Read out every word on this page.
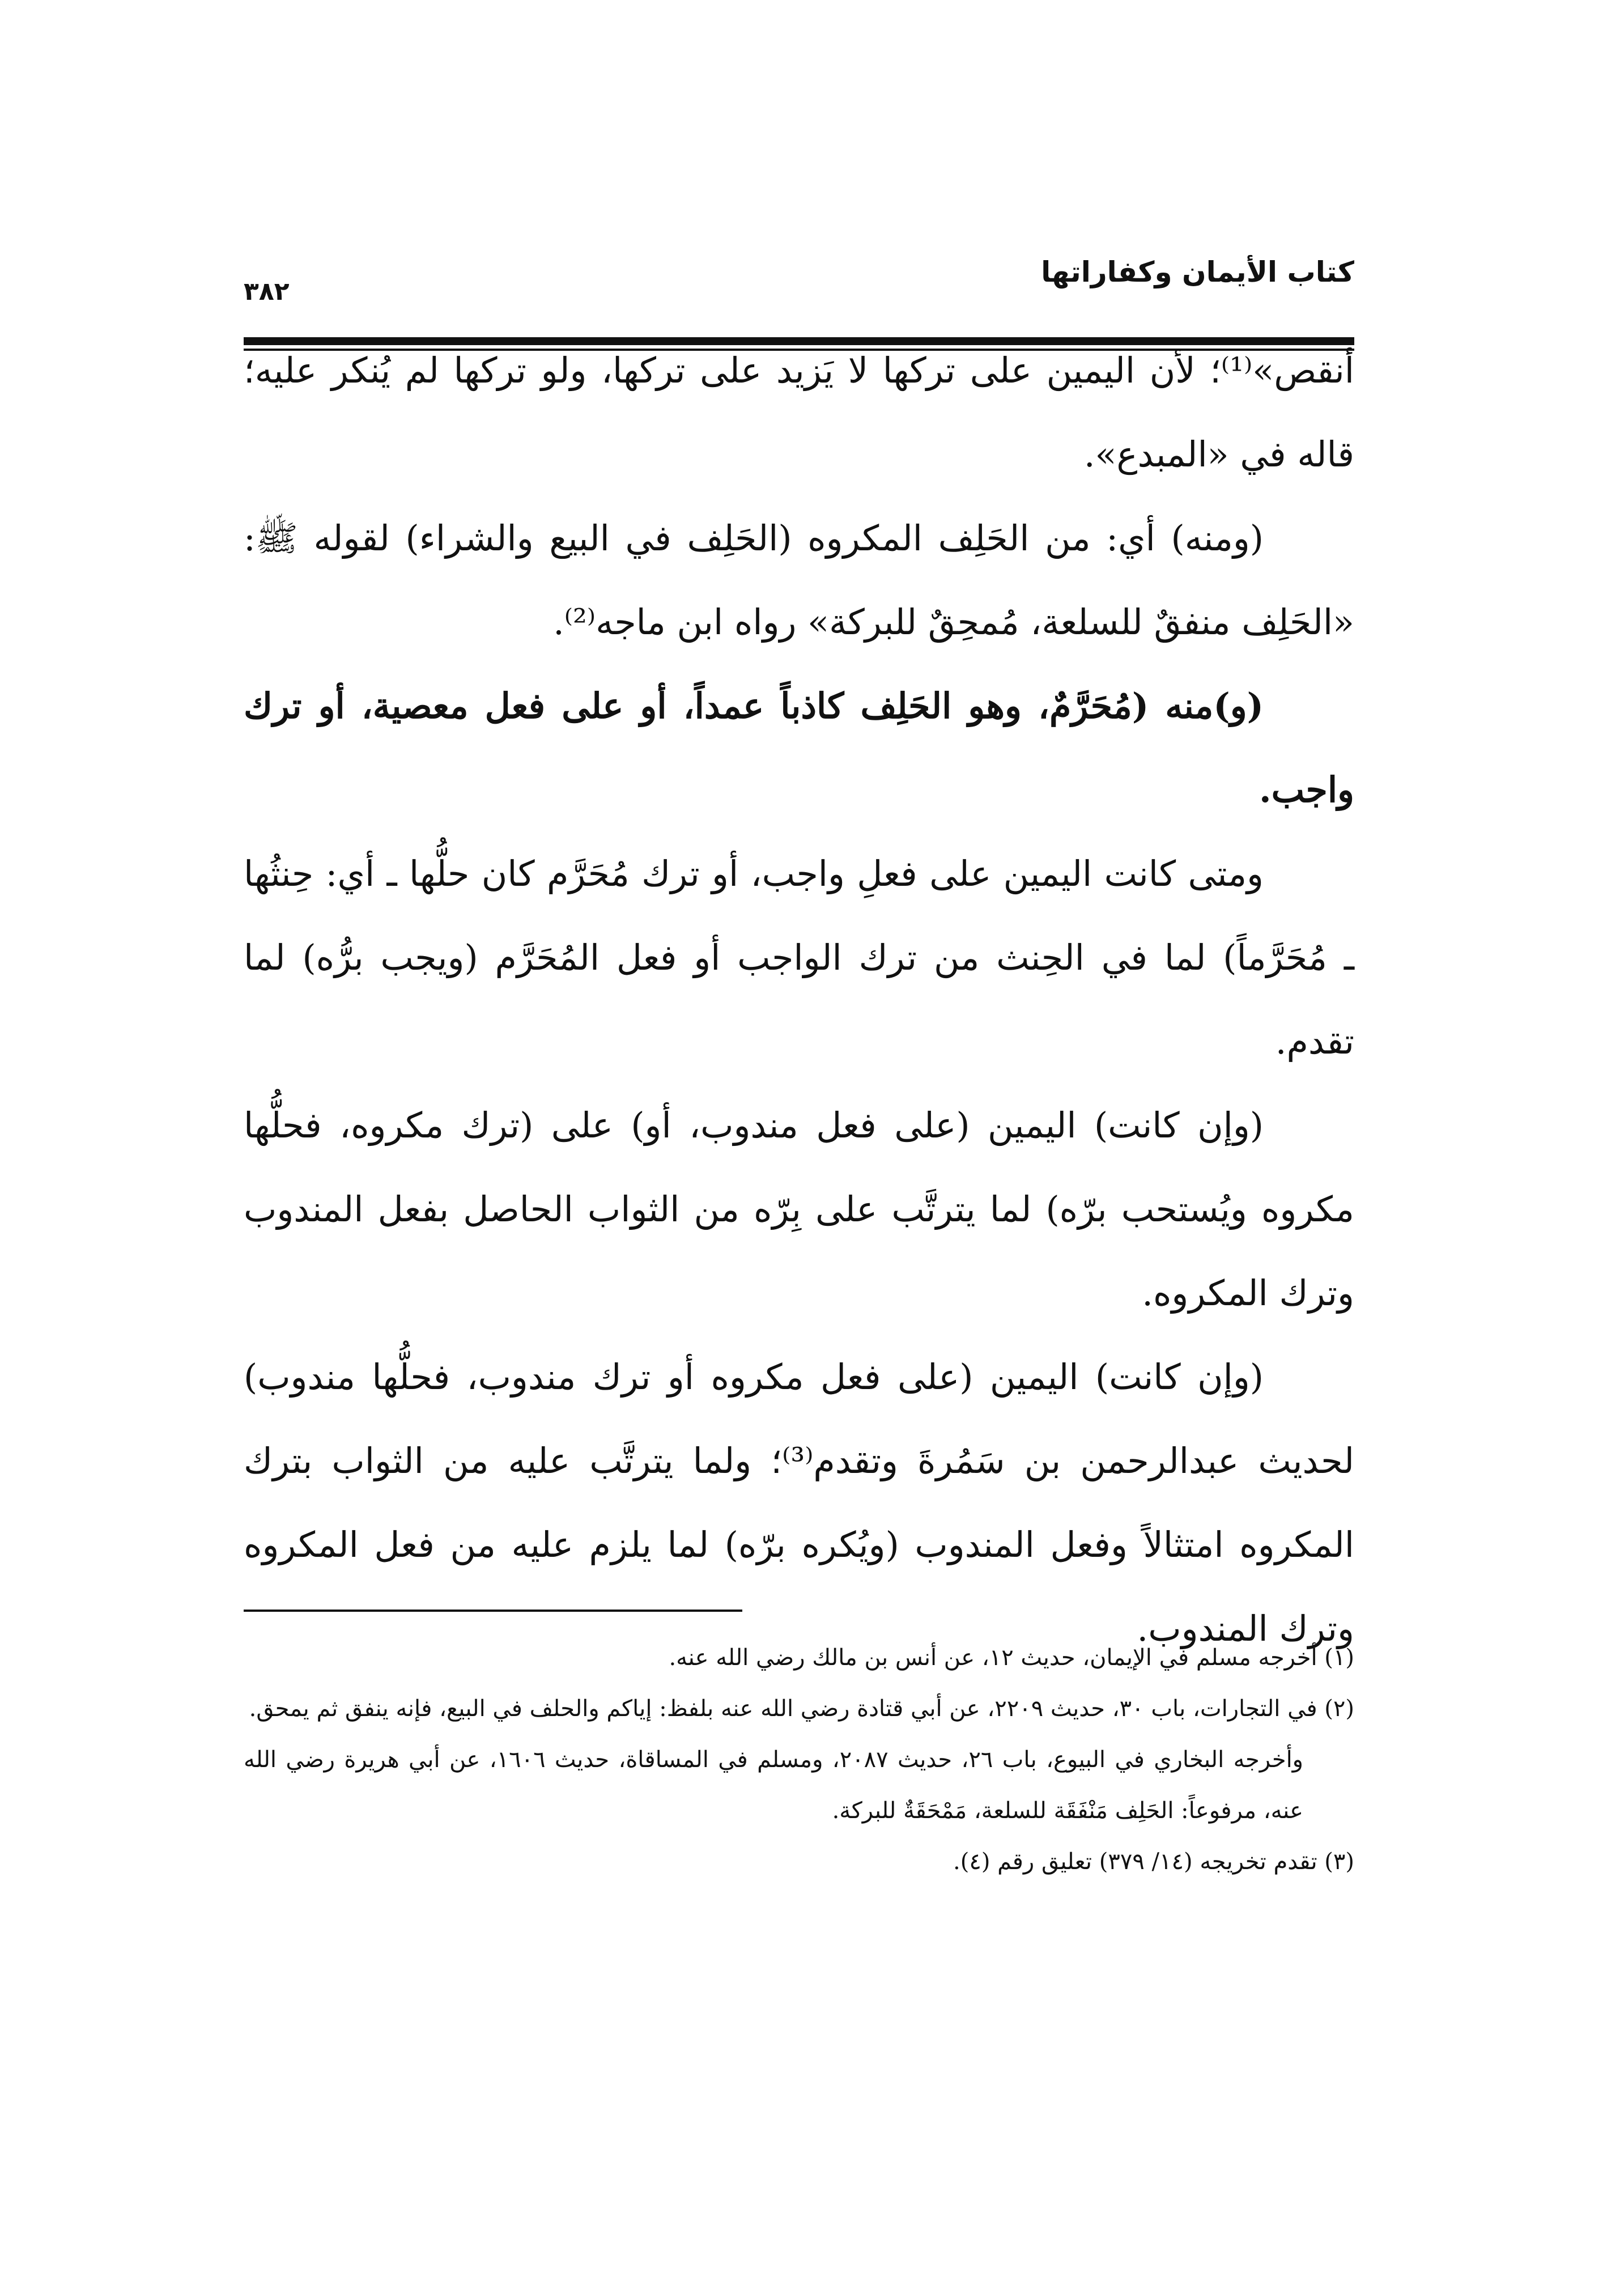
كتاب الأيمان وكفاراتها
٣٨٢

أنقص»⁽¹⁾؛ لأن اليمين على تركها لا يَزيد على تركها، ولو تركها لم يُنكر عليه؛ قاله في «المبدع».

(ومنه) أي: من الحَلِف المكروه (الحَلِف في البيع والشراء) لقوله ﷺ: «الحَلِف منفقٌ للسلعة، مُمحِقٌ للبركة» رواه ابن ماجه⁽²⁾.

(و)منه (مُحَرَّمٌ، وهو الحَلِف كاذباً عمداً، أو على فعل معصية، أو ترك واجب.

ومتى كانت اليمين على فعلِ واجب، أو ترك مُحَرَّم كان حلُّها ـ أي: حِنثُها ـ مُحَرَّماً) لما في الحِنث من ترك الواجب أو فعل المُحَرَّم (ويجب برُّه) لما تقدم.

(وإن كانت) اليمين (على فعل مندوب، أو) على (ترك مكروه، فحلُّها مكروه ويُستحب برّه) لما يترتَّب على بِرّه من الثواب الحاصل بفعل المندوب وترك المكروه.

(وإن كانت) اليمين (على فعل مكروه أو ترك مندوب، فحلُّها مندوب) لحديث عبدالرحمن بن سَمُرةَ وتقدم⁽³⁾؛ ولما يترتَّب عليه من الثواب بترك المكروه امتثالاً وفعل المندوب (ويُكره برّه) لما يلزم عليه من فعل المكروه وترك المندوب.

(١) أخرجه مسلم في الإيمان، حديث ١٢، عن أنس بن مالك رضي الله عنه.

(٢) في التجارات، باب ٣٠، حديث ٢٢٠٩، عن أبي قتادة رضي الله عنه بلفظ: إياكم والحلف في البيع، فإنه ينفق ثم يمحق.

وأخرجه البخاري في البيوع، باب ٢٦، حديث ٢٠٨٧، ومسلم في المساقاة، حديث ١٦٠٦، عن أبي هريرة رضي الله عنه، مرفوعاً: الحَلِف مَنْفَقَة للسلعة، مَمْحَقَةٌ للبركة.

(٣) تقدم تخريجه (١٤/ ٣٧٩) تعليق رقم (٤).
